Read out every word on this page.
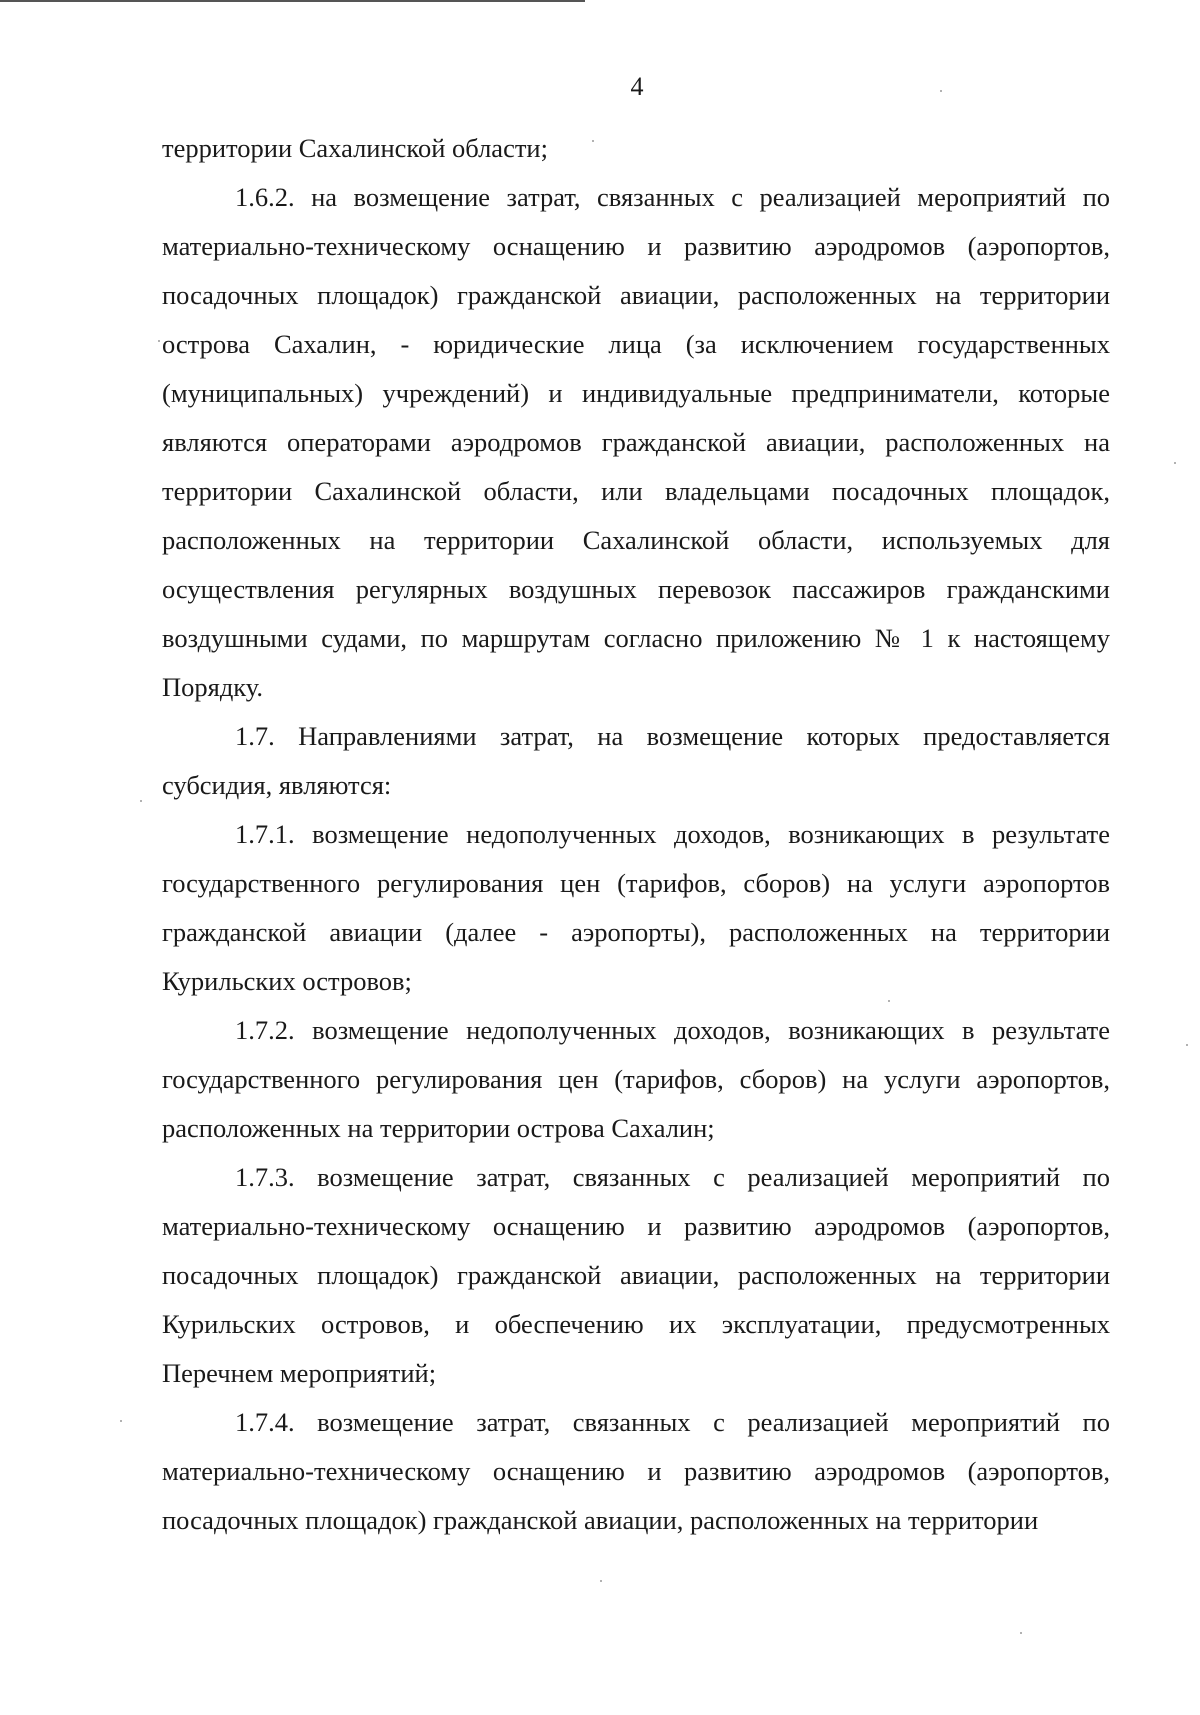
4

территории Сахалинской области;

1.6.2. на возмещение затрат, связанных с реализацией мероприятий по материально-техническому оснащению и развитию аэродромов (аэропортов, посадочных площадок) гражданской авиации, расположенных на территории острова Сахалин, - юридические лица (за исключением государственных (муниципальных) учреждений) и индивидуальные предприниматели, которые являются операторами аэродромов гражданской авиации, расположенных на территории Сахалинской области, или владельцами посадочных площадок, расположенных на территории Сахалинской области, используемых для осуществления регулярных воздушных перевозок пассажиров гражданскими воздушными судами, по маршрутам согласно приложению № 1 к настоящему Порядку.

1.7. Направлениями затрат, на возмещение которых предоставляется субсидия, являются:

1.7.1. возмещение недополученных доходов, возникающих в результате государственного регулирования цен (тарифов, сборов) на услуги аэропортов гражданской авиации (далее - аэропорты), расположенных на территории Курильских островов;

1.7.2. возмещение недополученных доходов, возникающих в результате государственного регулирования цен (тарифов, сборов) на услуги аэропортов, расположенных на территории острова Сахалин;

1.7.3. возмещение затрат, связанных с реализацией мероприятий по материально-техническому оснащению и развитию аэродромов (аэропортов, посадочных площадок) гражданской авиации, расположенных на территории Курильских островов, и обеспечению их эксплуатации, предусмотренных Перечнем мероприятий;

1.7.4. возмещение затрат, связанных с реализацией мероприятий по материально-техническому оснащению и развитию аэродромов (аэропортов, посадочных площадок) гражданской авиации, расположенных на территории
